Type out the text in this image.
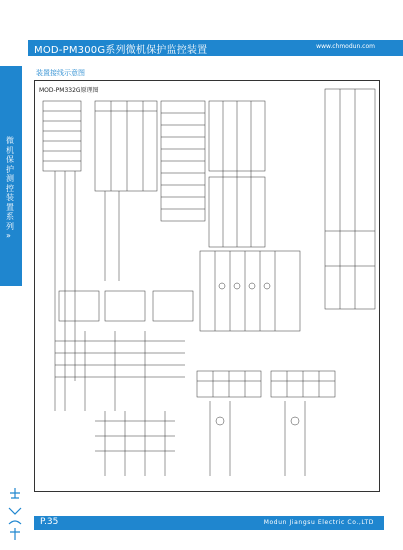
MOD-PM300G系列微机保护监控装置	www.chmodun.com
微机保护测控装置系列 »
装置接线示意图
MOD-PM332G原理图
P.35	Modun Jiangsu Electric Co.,LTD
